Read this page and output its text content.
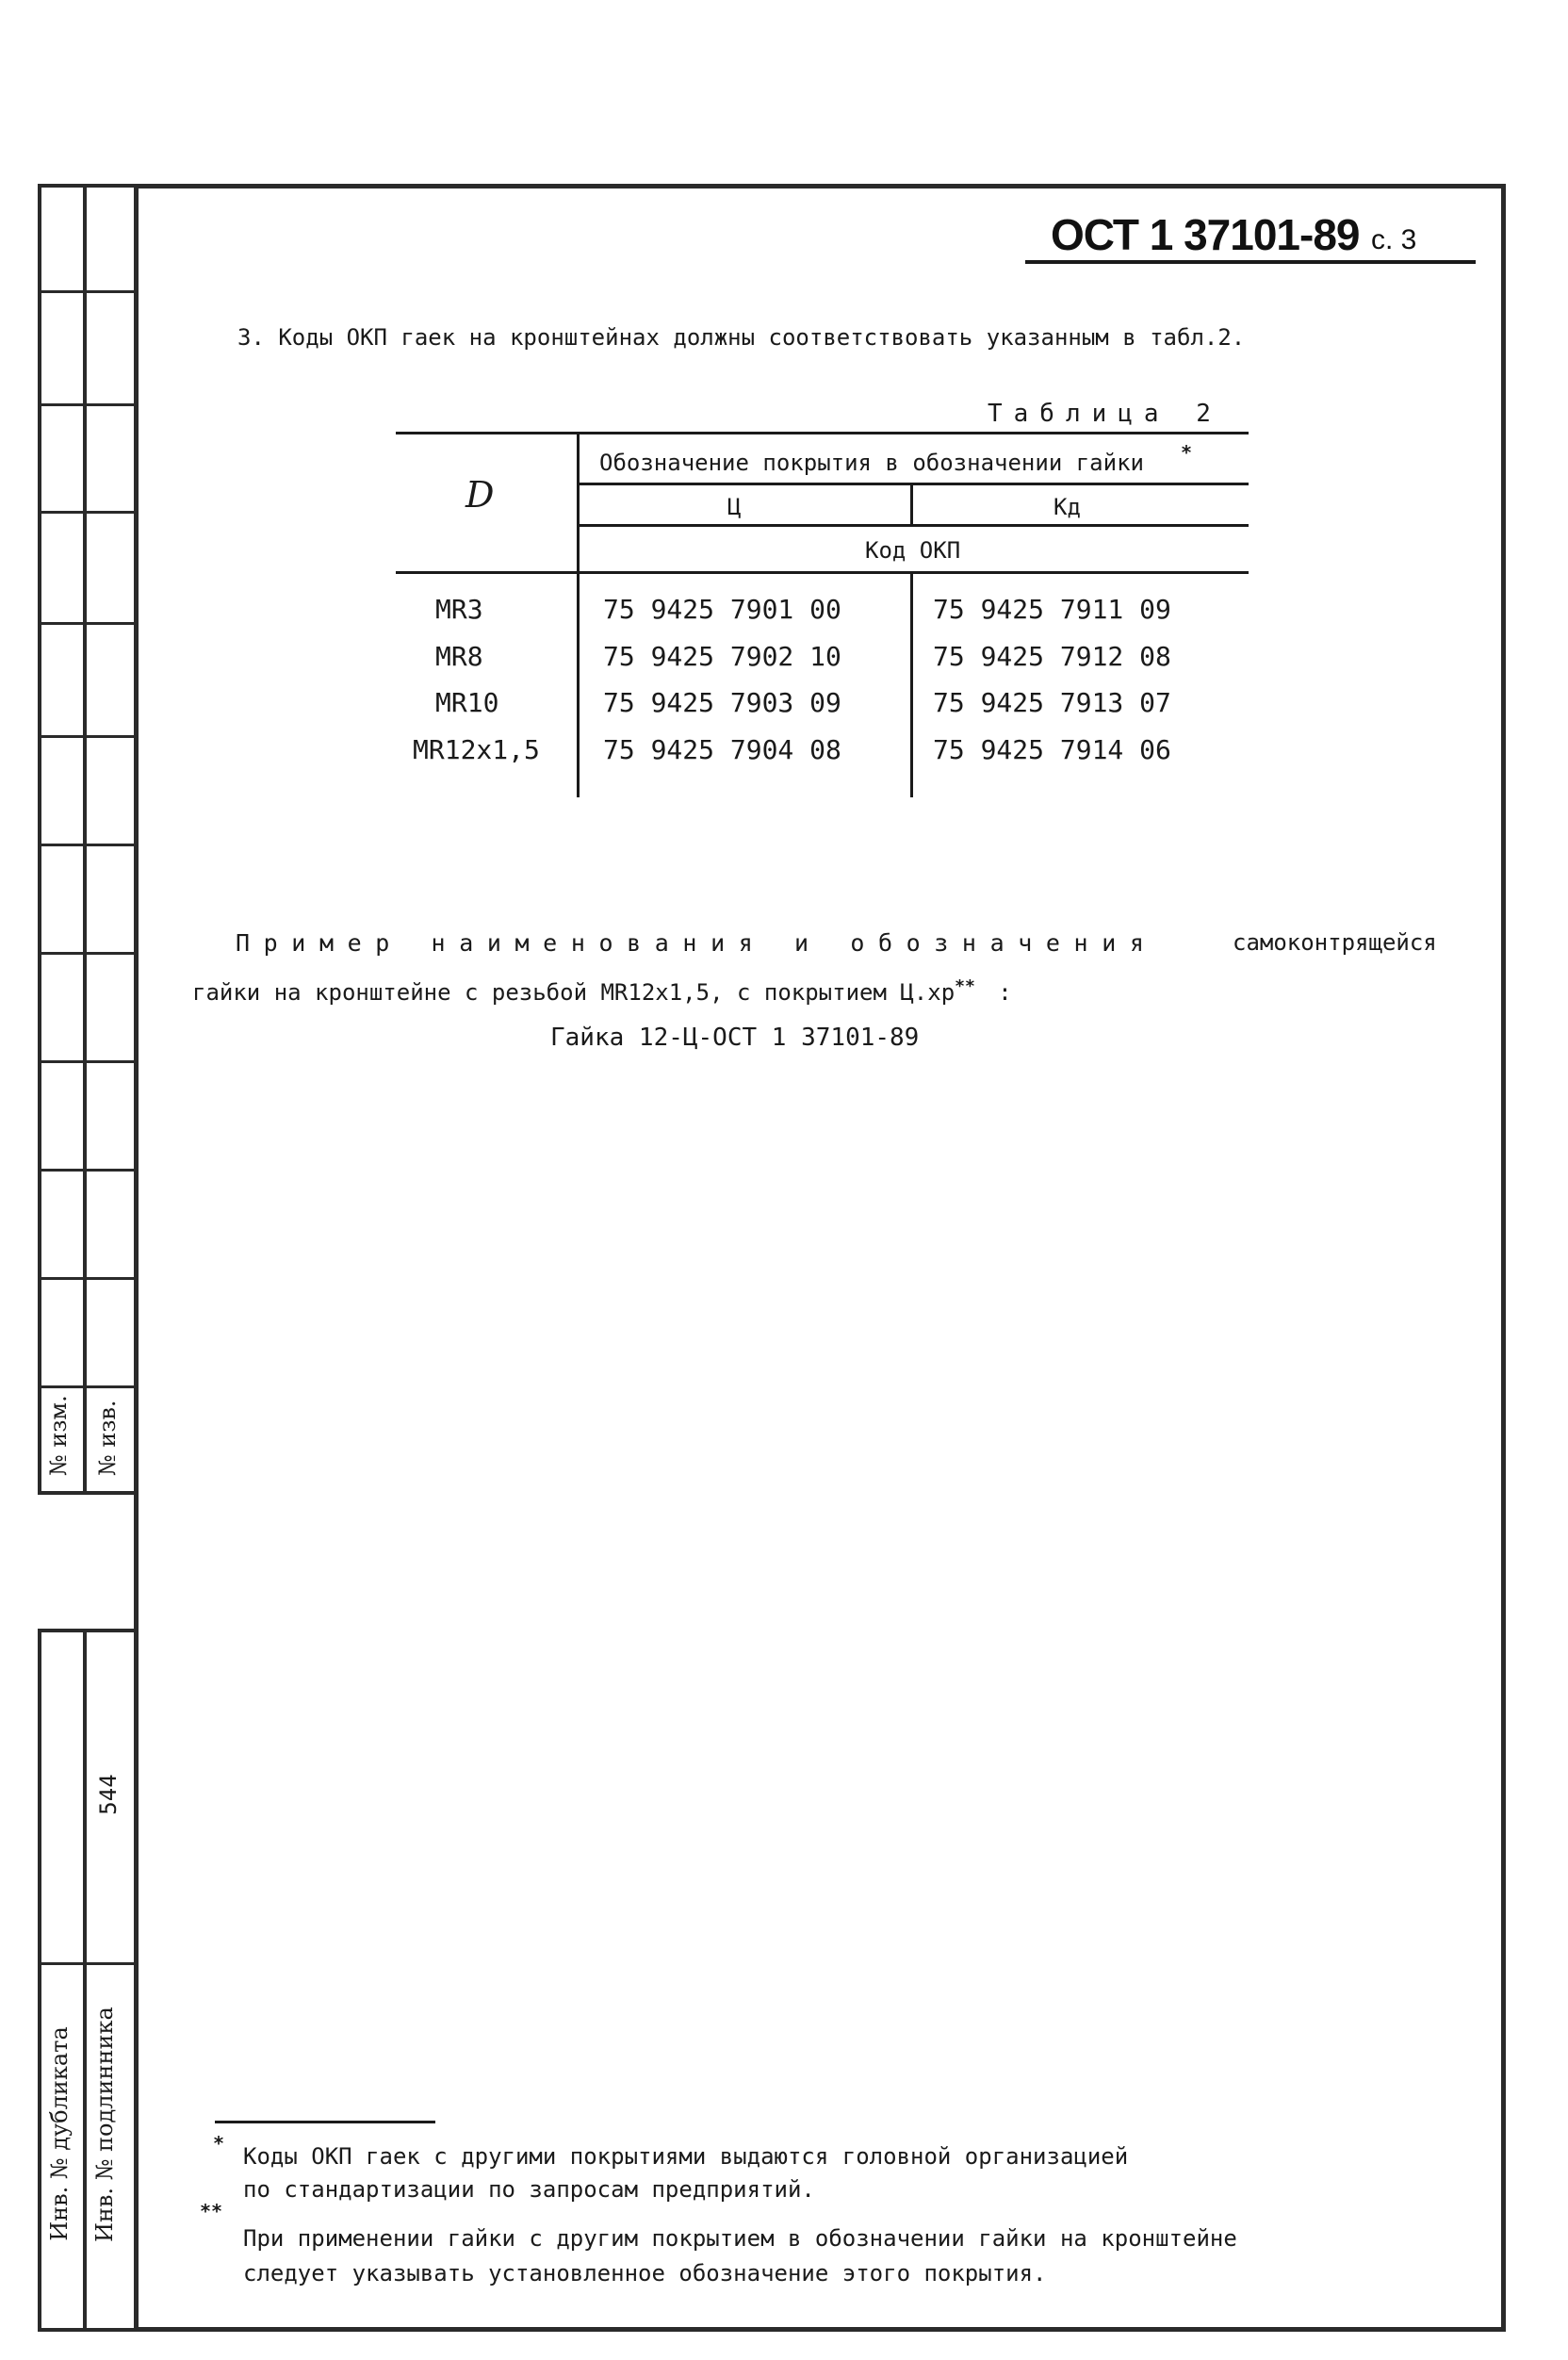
№ изм. № изв.
544
Инв. № дубликата Инв. № подлинника
ОСТ 1 37101-89 с. 3
3. Коды ОКП гаек на кронштейнах должны соответствовать указанным в табл.2.
Таблица 2
D
Обозначение покрытия в обозначении гайки *
Ц	Кд
Код ОКП
MR3	75 9425 7901 00	75 9425 7911 09
MR8	75 9425 7902 10	75 9425 7912 08
MR10	75 9425 7903 09	75 9425 7913 07
MR12x1,5 75 9425 7904 08	75 9425 7914 06
Пример наименования и обозначения	самоконтрящейся
гайки на кронштейне с резьбой MR12x1,5, с покрытием Ц.хр** :
Гайка 12-Ц-ОСТ 1 37101-89
* Коды ОКП гаек с другими покрытиями выдаются головной организацией
по стандартизации по запросам предприятий.
**
При применении гайки с другим покрытием в обозначении гайки на кронштейне
следует указывать установленное обозначение этого покрытия.
